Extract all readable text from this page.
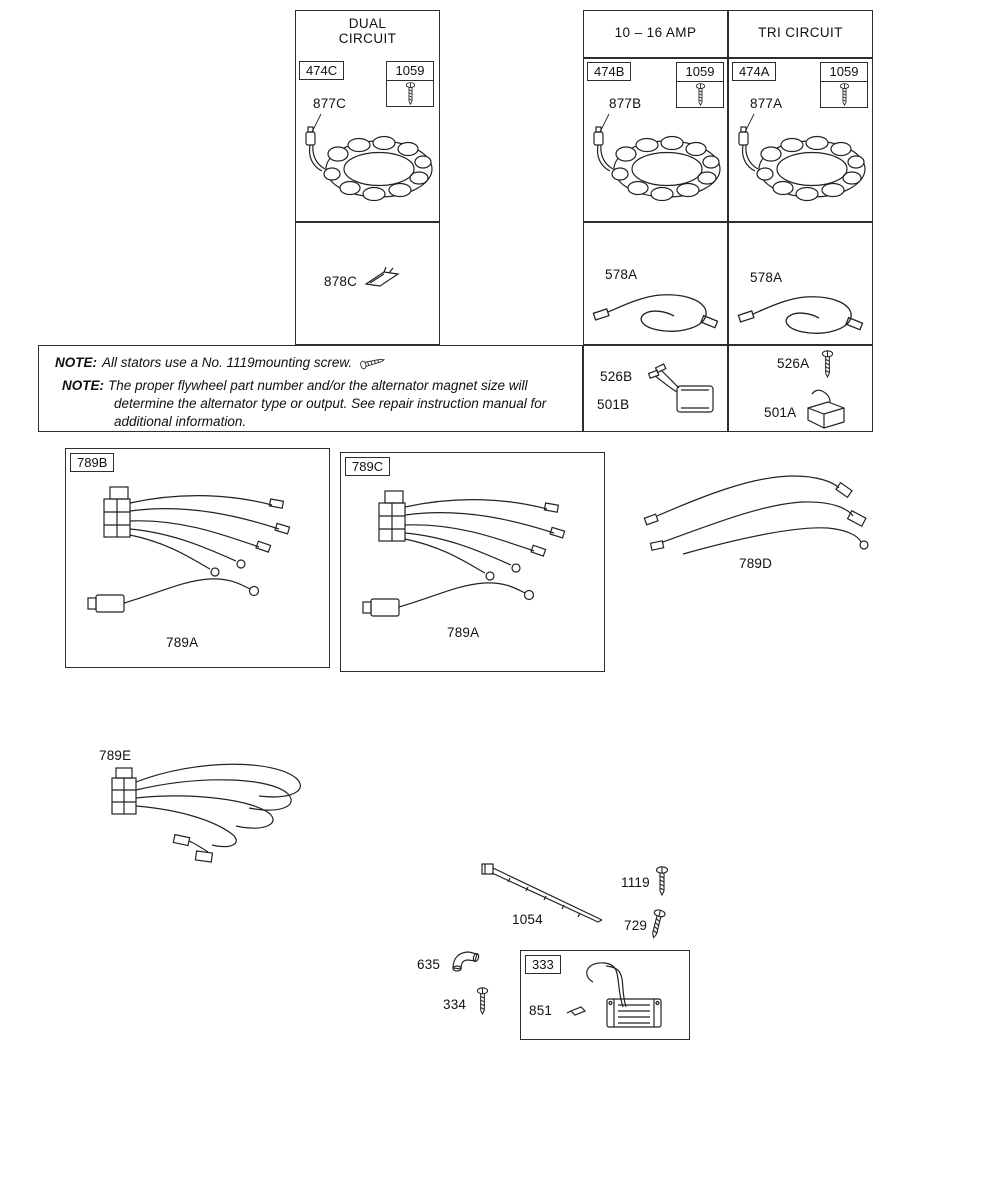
DUAL
CIRCUIT
474C	1059
877C
878C
10 – 16 AMP
474B	1059
877B
578A
526B
501B
TRI CIRCUIT
474A	1059
877A
578A
526A
501A
NOTE: All stators use a No. 1119mounting screw.

NOTE: The proper flywheel part number and/or the alternator magnet size will determine the alternator type or output. See repair instruction manual for additional information.

789B
789A
789C
789A
789D
789E
1054
1119
729
635
334
333
851
